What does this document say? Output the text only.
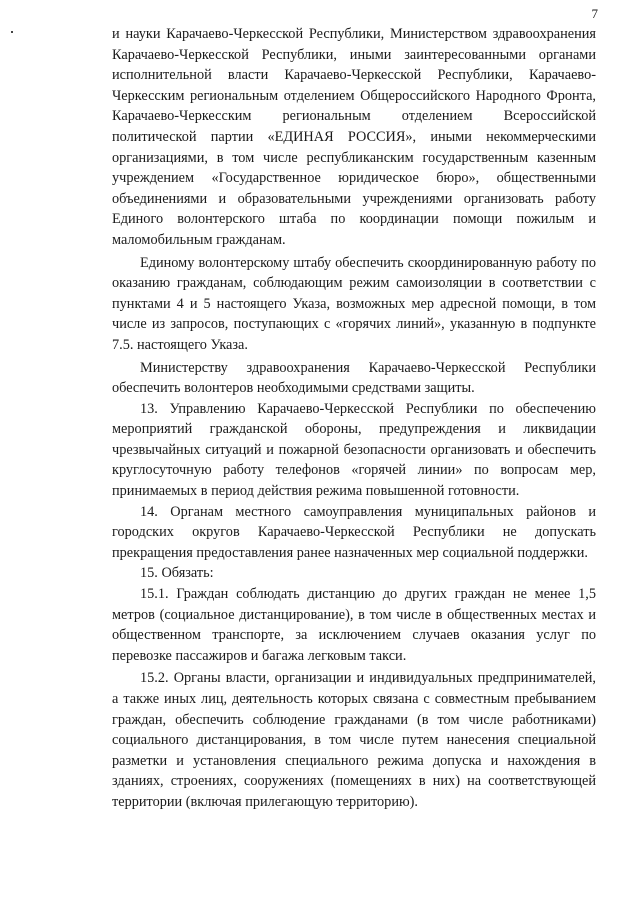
7

и науки Карачаево-Черкесской Республики, Министерством здравоохранения Карачаево-Черкесской Республики, иными заинтересованными органами исполнительной власти Карачаево-Черкесской Республики, Карачаево-Черкесским региональным отделением Общероссийского Народного Фронта, Карачаево-Черкесским региональным отделением Всероссийской политической партии «ЕДИНАЯ РОССИЯ», иными некоммерческими организациями, в том числе республиканским государственным казенным учреждением «Государственное юридическое бюро», общественными объединениями и образовательными учреждениями организовать работу Единого волонтерского штаба по координации помощи пожилым и маломобильным гражданам.

Единому волонтерскому штабу обеспечить скоординированную работу по оказанию гражданам, соблюдающим режим самоизоляции в соответствии с пунктами 4 и 5 настоящего Указа, возможных мер адресной помощи, в том числе из запросов, поступающих с «горячих линий», указанную в подпункте 7.5. настоящего Указа.

Министерству здравоохранения Карачаево-Черкесской Республики обеспечить волонтеров необходимыми средствами защиты.

13. Управлению Карачаево-Черкесской Республики по обеспечению мероприятий гражданской обороны, предупреждения и ликвидации чрезвычайных ситуаций и пожарной безопасности организовать и обеспечить круглосуточную работу телефонов «горячей линии» по вопросам мер, принимаемых в период действия режима повышенной готовности.

14. Органам местного самоуправления муниципальных районов и городских округов Карачаево-Черкесской Республики не допускать прекращения предоставления ранее назначенных мер социальной поддержки.

15. Обязать:

15.1. Граждан соблюдать дистанцию до других граждан не менее 1,5 метров (социальное дистанцирование), в том числе в общественных местах и общественном транспорте, за исключением случаев оказания услуг по перевозке пассажиров и багажа легковым такси.

15.2. Органы власти, организации и индивидуальных предпринимателей, а также иных лиц, деятельность которых связана с совместным пребыванием граждан, обеспечить соблюдение гражданами (в том числе работниками) социального дистанцирования, в том числе путем нанесения специальной разметки и установления специального режима допуска и нахождения в зданиях, строениях, сооружениях (помещениях в них) на соответствующей территории (включая прилегающую территорию).
